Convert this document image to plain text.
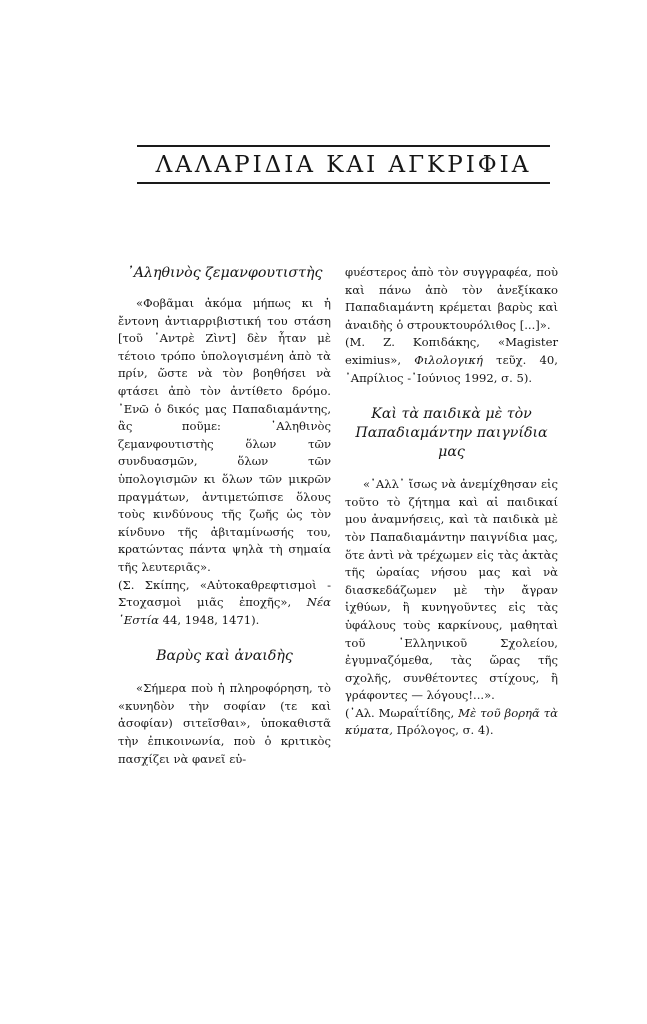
ΛΑΛΑΡΙΔΙΑ ΚΑΙ ΑΓΚΡΙΦΙΑ
᾿Αληθινὸς ζεμανφουτιστὴς

«Φοβᾶμαι ἀκόμα μήπως κι ἡ ἔντονη ἀντιαρριβιστική του στάση [τοῦ ᾿Αντρὲ Ζὶντ] δὲν ἦταν μὲ τέτοιο τρόπο ὑπολογισμένη ἀπὸ τὰ πρίν, ὥστε νὰ τὸν βοηθήσει νὰ φτάσει ἀπὸ τὸν ἀντίθετο δρόμο. ᾿Ενῶ ὁ δικός μας Παπαδιαμάντης, ἂς ποῦμε: ᾿Αληθινὸς ζεμανφουτιστὴς ὅλων τῶν συνδυασμῶν, ὅλων τῶν ὑπολογισμῶν κι ὅλων τῶν μικρῶν πραγμάτων, ἀντιμετώπισε ὅλους τοὺς κινδύνους τῆς ζωῆς ὡς τὸν κίνδυνο τῆς ἀβιταμίνωσής του, κρατώντας πάντα ψηλὰ τὴ σημαία τῆς λευτεριᾶς».

(Σ. Σκίπης, «Αὐτοκαθρεφτισμοὶ - Στοχασμοὶ μιᾶς ἐποχῆς», Νέα ῾Εστία 44, 1948, 1471).

Βαρὺς καὶ ἀναιδὴς

«Σήμερα ποὺ ἡ πληροφόρηση, τὸ «κυνηδὸν τὴν σοφίαν (τε καὶ ἀσοφίαν) σιτεῖσθαι», ὑποκαθιστᾶ τὴν ἐπικοινωνία, ποὺ ὁ κριτικὸς πασχίζει νὰ φανεῖ εὐ-

φυέστερος ἀπὸ τὸν συγγραφέα, ποὺ καὶ πάνω ἀπὸ τὸν ἀνεξίκακο Παπαδιαμάντη κρέμεται βαρὺς καὶ ἀναιδὴς ὁ στρουκτουρόλιθος [...]».

(Μ. Ζ. Κοπιδάκης, «Magister eximius», Φιλολογική τεῦχ. 40, ᾿Απρίλιος -᾿Ιούνιος 1992, σ. 5).

Καὶ τὰ παιδικὰ μὲ τὸν
Παπαδιαμάντην παιγνίδια μας

«᾿Αλλ᾿ ἴσως νὰ ἀνεμίχθησαν εἰς τοῦτο τὸ ζήτημα καὶ αἱ παιδικαί μου ἀναμνήσεις, καὶ τὰ παιδικὰ μὲ τὸν Παπαδιαμάντην παιγνίδια μας, ὅτε ἀντὶ νὰ τρέχωμεν εἰς τὰς ἀκτὰς τῆς ὡραίας νήσου μας καὶ νὰ διασκεδάζωμεν μὲ τὴν ἄγραν ἰχθύων, ἢ κυνηγοῦντες εἰς τὰς ὑφάλους τοὺς καρκίνους, μαθηταὶ τοῦ ῾Ελληνικοῦ Σχολείου, ἐγυμναζόμεθα, τὰς ὥρας τῆς σχολῆς, συνθέτοντες στίχους, ἢ γράφοντες — λόγους!...».

(᾿Αλ. Μωραΐτίδης, Μὲ τοῦ βορηᾶ τὰ κύματα, Πρόλογος, σ. 4).
